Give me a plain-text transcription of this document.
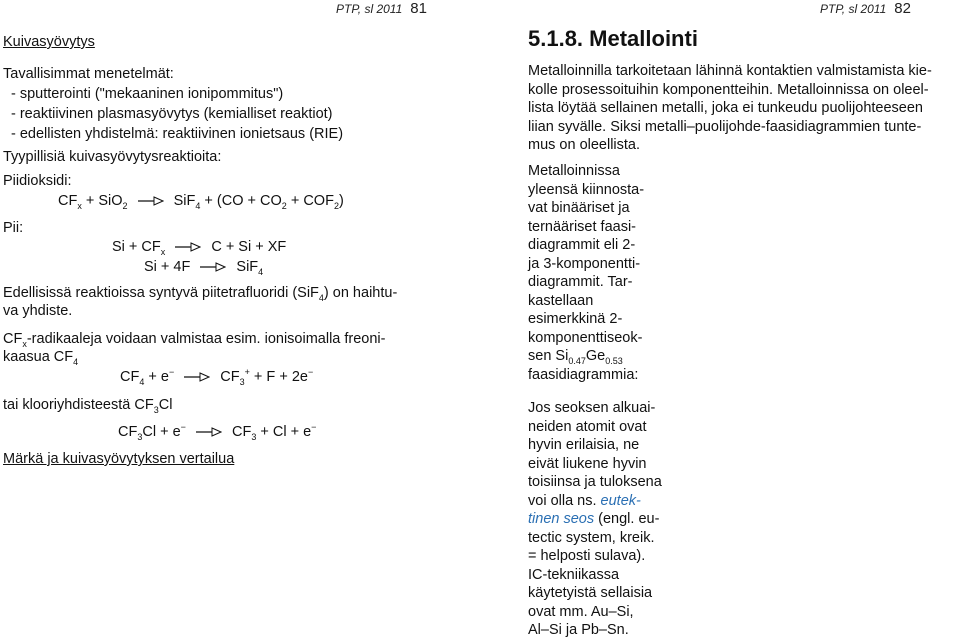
PTP, sl 2011 81
Kuivasyövytys
Tavallisimmat menetelmät:
- sputterointi ("mekaaninen ionipommitus")
- reaktiivinen plasmasyövytys (kemialliset reaktiot)
- edellisten yhdistelmä: reaktiivinen ionietsaus (RIE)
Tyypillisiä kuivasyövytysreaktioita:
Piidioksidi:
$CF_x + SiO_2 \to SiF_4 + (CO + CO_2 + COF_2)$
Pii:
$Si + CF_x \to C + Si$ + XF
Si + 4F → SiF$_4$
Edellisissä reaktioissa syntyvä piitetrafluoridi (SiF$_4$) on haihtu-
va yhdiste.
$CF_x$-radikaaleja voidaan valmistaa esim. ionisoimalla freoni-
kaasua $CF_4$
$CF_4 + e^- \to CF_3^+ + F + 2e^-$
tai klooriyhdisteestä $CF_3Cl$
$CF_3Cl + e^- \to CF_3 + Cl + e^-$
Märkä ja kuivasyövytyksen vertailua
PTP, sl 2011 82
5.1.8. Metallointi
Metalloinnilla tarkoitetaan lähinnä kontaktien valmistamista kie-
kolle prosessoituihin komponentteihin. Metalloinnissa on oleel-
lista löytää sellainen metalli, joka ei tunkeudu puolijohteeseen
liian syvälle. Siksi metalli–puolijohde-faasidiagrammien tunte-
mus on oleellista.
Metalloinnissa
yleensä kiinnosta-
vat binääriset ja
ternääriset faasi-
diagrammit eli 2-
ja 3-komponentti-
diagrammit. Tar-
kastellaan
esimerkkinä 2-
komponenttiseok-
sen $Si_{0.47}Ge_{0.53}$
faasidiagrammia:
Jos seoksen alkuai-
neiden atomit ovat
hyvin erilaisia, ne
eivät liukene hyvin
toisiinsa ja tuloksena
voi olla ns. eutek-
tinen seos (engl. eu-
tectic system, kreik.
= helposti sulava).
IC-tekniikassa
käytetyistä sellaisia
ovat mm. Au–Si,
Al–Si ja Pb–Sn.
